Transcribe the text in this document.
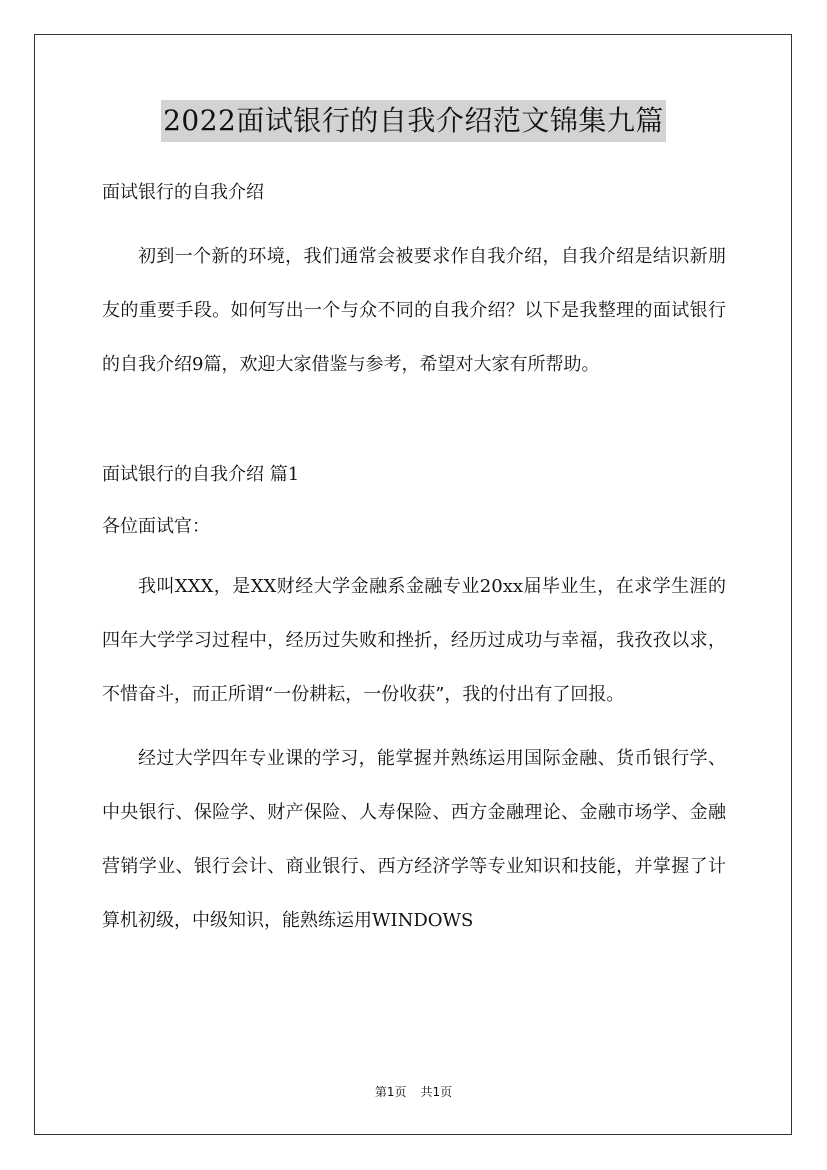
2022面试银行的自我介绍范文锦集九篇

面试银行的自我介绍

初到一个新的环境，我们通常会被要求作自我介绍，自我介绍是结识新朋友的重要手段。如何写出一个与众不同的自我介绍？以下是我整理的面试银行的自我介绍9篇，欢迎大家借鉴与参考，希望对大家有所帮助。

面试银行的自我介绍 篇1

各位面试官：

我叫XXX，是XX财经大学金融系金融专业20xx届毕业生，在求学生涯的四年大学学习过程中，经历过失败和挫折，经历过成功与幸福，我孜孜以求，不惜奋斗，而正所谓“一份耕耘，一份收获”，我的付出有了回报。

经过大学四年专业课的学习，能掌握并熟练运用国际金融、货币银行学、中央银行、保险学、财产保险、人寿保险、西方金融理论、金融市场学、金融营销学业、银行会计、商业银行、西方经济学等专业知识和技能，并掌握了计算机初级，中级知识，能熟练运用WINDOWS

第1页 共1页
